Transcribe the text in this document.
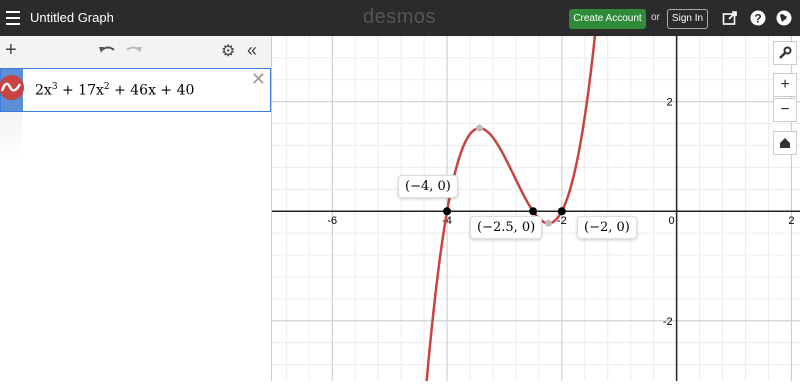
Untitled Graph	desmos	Create Account or	Sign In	?
+	⚙ «
$2x^3 + 17x^2 + 46x + 40$
✕
-6	-4	-2	0	2
2
-2
(−4, 0)
(−2.5, 0)	(−2, 0)
+
−
